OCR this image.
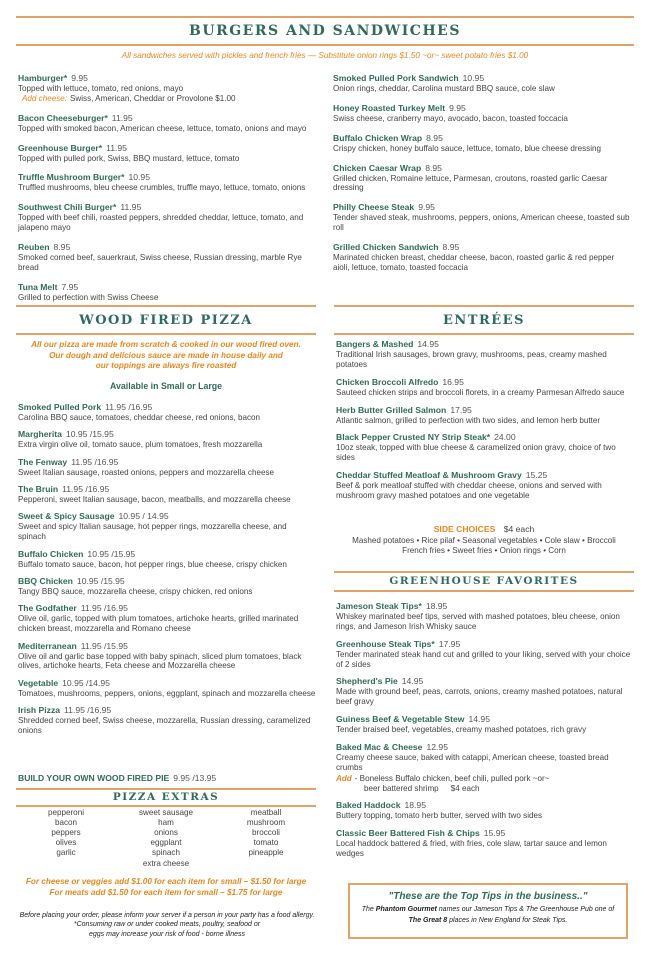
BURGERS AND SANDWICHES
All sandwiches served with pickles and french fries — Substitute onion rings $1.50 ~or~ sweet potato fries $1.00
Hamburger* 9.95
Topped with lettuce, tomato, red onions, mayo
Add cheese: Swiss, American, Cheddar or Provolone $1.00
Bacon Cheeseburger* 11.95
Topped with smoked bacon, American cheese, lettuce, tomato, onions and mayo
Greenhouse Burger* 11.95
Topped with pulled pork, Swiss, BBQ mustard, lettuce, tomato
Truffle Mushroom Burger* 10.95
Truffled mushrooms, bleu cheese crumbles, truffle mayo, lettuce, tomato, onions
Southwest Chili Burger* 11.95
Topped with beef chili, roasted peppers, shredded cheddar, lettuce, tomato, and jalapeno mayo
Reuben 8.95
Smoked corned beef, sauerkraut, Swiss cheese, Russian dressing, marble Rye bread
Tuna Melt 7.95
Grilled to perfection with Swiss Cheese
Smoked Pulled Pork Sandwich 10.95
Onion rings, cheddar, Carolina mustard BBQ sauce, cole slaw
Honey Roasted Turkey Melt 9.95
Swiss cheese, cranberry mayo, avocado, bacon, toasted foccacia
Buffalo Chicken Wrap 8.95
Crispy chicken, honey buffalo sauce, lettuce, tomato, blue cheese dressing
Chicken Caesar Wrap 8.95
Grilled chicken, Romaine lettuce, Parmesan, croutons, roasted garlic Caesar dressing
Philly Cheese Steak 9.95
Tender shaved steak, mushrooms, peppers, onions, American cheese, toasted sub roll
Grilled Chicken Sandwich 8.95
Marinated chicken breast, cheddar cheese, bacon, roasted garlic & red pepper aioli, lettuce, tomato, toasted foccacia
WOOD FIRED PIZZA
All our pizza are made from scratch & cooked in our wood fired oven.
Our dough and delicious sauce are made in house daily and
our toppings are always fire roasted
Available in Small or Large
Smoked Pulled Pork 11.95 /16.95
Carolina BBQ sauce, tomatoes, cheddar cheese, red onions, bacon
Margherita 10.95 /15.95
Extra virgin olive oil, tomato sauce, plum tomatoes, fresh mozzarella
The Fenway 11.95 /16.95
Sweet Italian sausage, roasted onions, peppers and mozzarella cheese
The Bruin 11.95 /16.95
Pepperoni, sweet Italian sausage, bacon, meatballs, and mozzarella cheese
Sweet & Spicy Sausage 10.95 / 14.95
Sweet and spicy Italian sausage, hot pepper rings, mozzarella cheese, and spinach
Buffalo Chicken 10.95 /15.95
Buffalo tomato sauce, bacon, hot pepper rings, blue cheese, crispy chicken
BBQ Chicken 10.95 /15.95
Tangy BBQ sauce, mozzarella cheese, crispy chicken, red onions
The Godfather 11.95 /16.95
Olive oil, garlic, topped with plum tomatoes, artichoke hearts, grilled marinated chicken breast, mozzarella and Romano cheese
Mediterranean 11.95 /15.95
Olive oil and garlic base topped with baby spinach, sliced plum tomatoes, black olives, artichoke hearts, Feta cheese and Mozzarella cheese
Vegetable 10.95 /14.95
Tomatoes, mushrooms, peppers, onions, eggplant, spinach and mozzarella cheese
Irish Pizza 11.95 /16.95
Shredded corned beef, Swiss cheese, mozzarella, Russian dressing, caramelized onions
BUILD YOUR OWN WOOD FIRED PIE 9.95 /13.95
PIZZA EXTRAS
pepperoni
bacon
peppers
olives
garlic
sweet sausage
ham
onions
eggplant
spinach
extra cheese
meatball
mushroom
broccoli
tomato
pineapple
For cheese or veggies add $1.00 for each item for small – $1.50 for large
For meats add $1.50 for each item for small – $1.75 for large
Before placing your order, please inform your server if a person in your party has a food allergy.
*Consuming raw or under cooked meats, poultry, seafood or
eggs may increase your risk of food - borne illness
ENTRÉES
Bangers & Mashed 14.95
Traditional Irish sausages, brown gravy, mushrooms, peas, creamy mashed potatoes
Chicken Broccoli Alfredo 16.95
Sauteed chicken strips and broccoli florets, in a creamy Parmesan Alfredo sauce
Herb Butter Grilled Salmon 17.95
Atlantic salmon, grilled to perfection with two sides, and lemon herb butter
Black Pepper Crusted NY Strip Steak* 24.00
10oz steak, topped with blue cheese & caramelized onion gravy, choice of two sides
Cheddar Stuffed Meatloaf & Mushroom Gravy 15.25
Beef & pork meatloaf stuffed with cheddar cheese, onions and served with mushroom gravy mashed potatoes and one vegetable
SIDE CHOICES $4 each
Mashed potatoes • Rice pilaf • Seasonal vegetables • Cole slaw • Broccoli
French fries • Sweet fries • Onion rings • Corn
GREENHOUSE FAVORITES
Jameson Steak Tips* 18.95
Whiskey marinated beef tips, served with mashed potatoes, bleu cheese, onion rings, and Jameson Irish Whisky sauce
Greenhouse Steak Tips* 17.95
Tender marinated steak hand cut and grilled to your liking, served with your choice of 2 sides
Shepherd's Pie 14.95
Made with ground beef, peas, carrots, onions, creamy mashed potatoes, natural beef gravy
Guiness Beef & Vegetable Stew 14.95
Tender braised beef, vegetables, creamy mashed potatoes, rich gravy
Baked Mac & Cheese 12.95
Creamy cheese sauce, baked with catappi, American cheese, toasted bread crumbs
Add - Boneless Buffalo chicken, beef chili, pulled pork ~or~
beer battered shrimp $4 each
Baked Haddock 18.95
Buttery topping, tomato herb butter, served with two sides
Classic Beer Battered Fish & Chips 15.95
Local haddock battered & fried, with fries, cole slaw, tartar sauce and lemon wedges
"These are the Top Tips in the business.."
The Phantom Gourmet names our Jameson Tips & The Greenhouse Pub one of
The Great 8 places in New England for Steak Tips.
